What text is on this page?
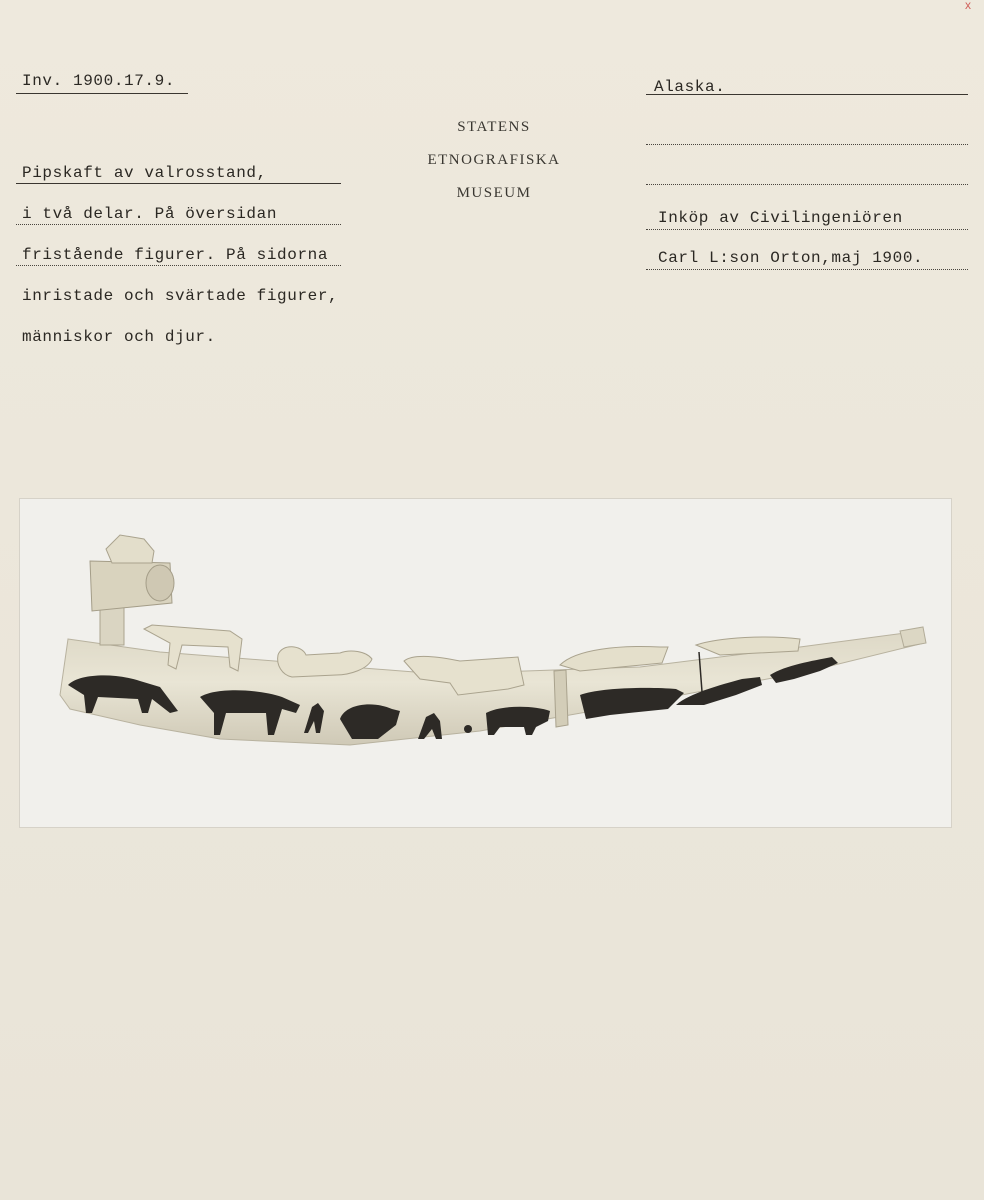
x
Inv. 1900.17.9.
STATENS
ETNOGRAFISKA
MUSEUM
Alaska.
Pipskaft av valrosstand,
i två delar. På översidan
fristående figurer. På sidorna
inristade och svärtade figurer,
människor och djur.
Inköp av Civilingeniören
Carl L:son Orton,maj 1900.
